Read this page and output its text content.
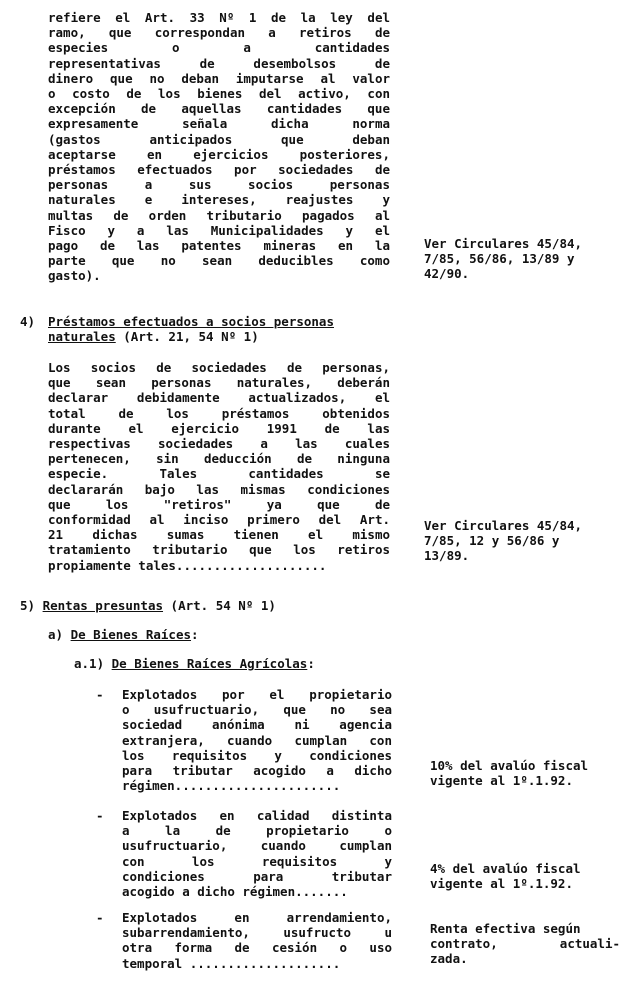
refiere el Art. 33 Nº 1 de la ley del
ramo, que correspondan a retiros de
especies o a cantidades
representativas de desembolsos de
dinero que no deban imputarse al valor
o costo de los bienes del activo, con
excepción de aquellas cantidades que
expresamente señala dicha norma
(gastos anticipados que deban
aceptarse en ejercicios posteriores,
préstamos efectuados por sociedades de
personas a sus socios personas
naturales e intereses, reajustes y
multas de orden tributario pagados al
Fisco y a las Municipalidades y el
pago de las patentes mineras en la
parte que no sean deducibles como
gasto).
Ver Circulares 45/84,
7/85, 56/86, 13/89 y
42/90.
4) Préstamos efectuados a socios personas
naturales (Art. 21, 54 Nº 1)
Los socios de sociedades de personas,
que sean personas naturales, deberán
declarar debidamente actualizados, el
total de los préstamos obtenidos
durante el ejercicio 1991 de las
respectivas sociedades a las cuales
pertenecen, sin deducción de ninguna
especie. Tales cantidades se
declararán bajo las mismas condiciones
que los "retiros" ya que de
conformidad al inciso primero del Art.
21 dichas sumas tienen el mismo
tratamiento tributario que los retiros
propiamente tales....................
Ver Circulares 45/84,
7/85, 12 y 56/86 y
13/89.
5) Rentas presuntas (Art. 54 Nº 1)
a) De Bienes Raíces:
a.1) De Bienes Raíces Agrícolas:
- Explotados por el propietario
o usufructuario, que no sea
sociedad anónima ni agencia
extranjera, cuando cumplan con
los requisitos y condiciones
para tributar acogido a dicho
régimen......................
10% del avalúo fiscal
vigente al 1º.1.92.
- Explotados en calidad distinta
a la de propietario o
usufructuario, cuando cumplan
con los requisitos y
condiciones para tributar
acogido a dicho régimen.......
4% del avalúo fiscal
vigente al 1º.1.92.
- Explotados en arrendamiento,
subarrendamiento, usufructo u
otra forma de cesión o uso
temporal ....................
Renta efectiva según
contrato, actuali-
zada.
